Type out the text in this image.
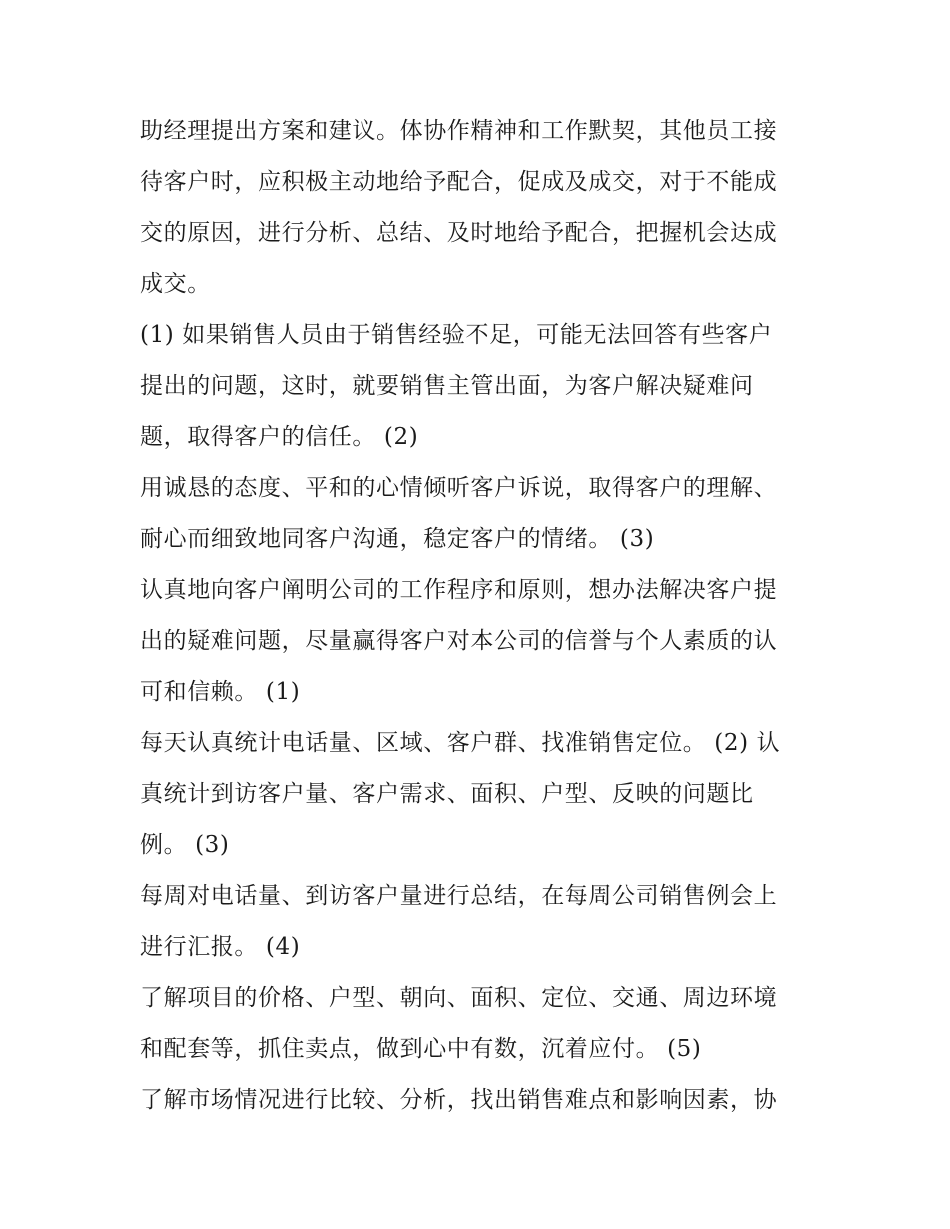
助经理提出方案和建议。体协作精神和工作默契，其他员工接
待客户时，应积极主动地给予配合，促成及成交，对于不能成
交的原因，进行分析、总结、及时地给予配合，把握机会达成
成交。
(1) 如果销售人员由于销售经验不足，可能无法回答有些客户
提出的问题，这时，就要销售主管出面，为客户解决疑难问
题，取得客户的信任。 (2)
用诚恳的态度、平和的心情倾听客户诉说，取得客户的理解、
耐心而细致地同客户沟通，稳定客户的情绪。 (3)
认真地向客户阐明公司的工作程序和原则，想办法解决客户提
出的疑难问题，尽量赢得客户对本公司的信誉与个人素质的认
可和信赖。 (1)
每天认真统计电话量、区域、客户群、找准销售定位。 (2) 认
真统计到访客户量、客户需求、面积、户型、反映的问题比
例。 (3)
每周对电话量、到访客户量进行总结，在每周公司销售例会上
进行汇报。 (4)
了解项目的价格、户型、朝向、面积、定位、交通、周边环境
和配套等，抓住卖点，做到心中有数，沉着应付。 (5)
了解市场情况进行比较、分析，找出销售难点和影响因素，协
